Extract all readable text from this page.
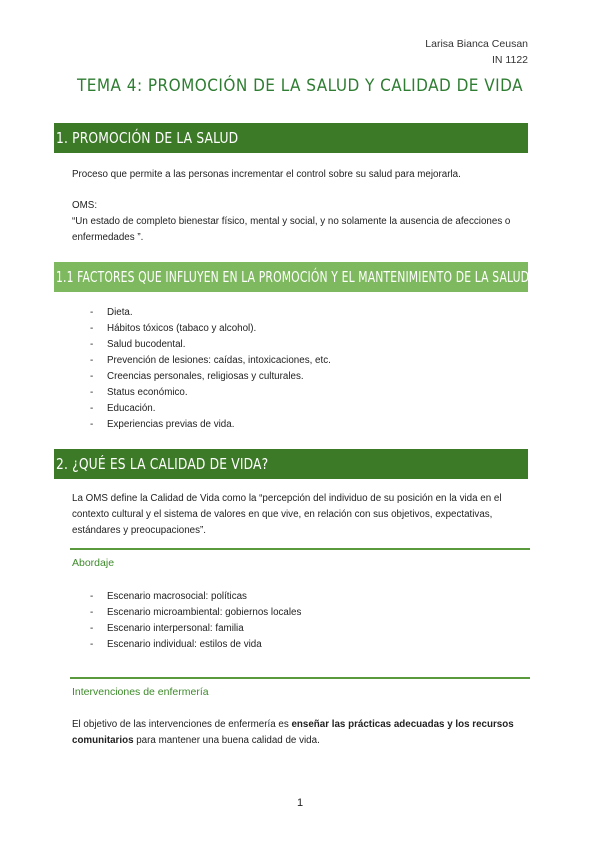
Larisa Bianca Ceusan
IN 1122
TEMA 4: PROMOCIÓN DE LA SALUD Y CALIDAD DE VIDA
1. PROMOCIÓN DE LA SALUD
Proceso que permite a las personas incrementar el control sobre su salud para mejorarla.
OMS:
“Un estado de completo bienestar físico, mental y social, y no solamente la ausencia de afecciones o enfermedades ”.
1.1 FACTORES QUE INFLUYEN EN LA PROMOCIÓN Y EL MANTENIMIENTO DE LA SALUD
- Dieta.
- Hábitos tóxicos (tabaco y alcohol).
- Salud bucodental.
- Prevención de lesiones: caídas, intoxicaciones, etc.
- Creencias personales, religiosas y culturales.
- Status económico.
- Educación.
- Experiencias previas de vida.
2. ¿QUÉ ES LA CALIDAD DE VIDA?
La OMS define la Calidad de Vida como la “percepción del individuo de su posición en la vida en el contexto cultural y el sistema de valores en que vive, en relación con sus objetivos, expectativas, estándares y preocupaciones”.
Abordaje
- Escenario macrosocial: políticas
- Escenario microambiental: gobiernos locales
- Escenario interpersonal: familia
- Escenario individual: estilos de vida
Intervenciones de enfermería
El objetivo de las intervenciones de enfermería es enseñar las prácticas adecuadas y los recursos comunitarios para mantener una buena calidad de vida.
1
